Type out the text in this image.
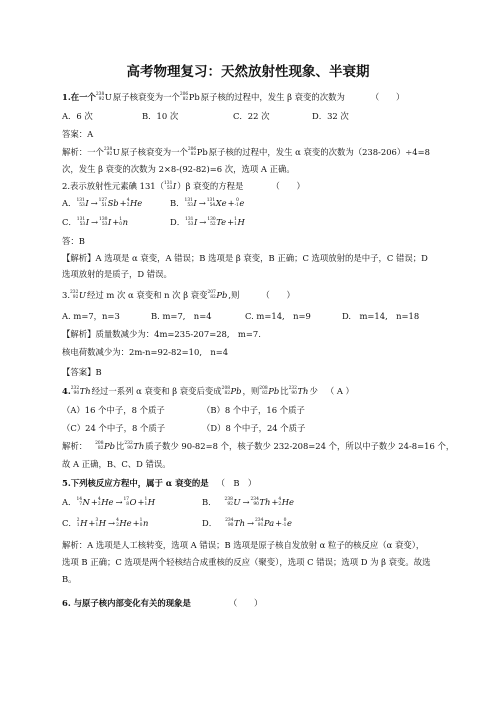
高考物理复习：天然放射性现象、半衰期
1.在一个 238
92 U原子核衰变为一个 206
82 Pb原子核的过程中，发生 β 衰变的次数为	（　　）
A．6 次	B．10 次	C．22 次	D．32 次
答案：A
解析：一个 238
92 U原子核衰变为一个 206
82 Pb原子核的过程中，发生 α 衰变的次数为（238-206）÷4=8
次，发生 β 衰变的次数为 2×8-(92-82)=6 次，选项 A 正确。
2.表示放射性元素碘 131（ 131
53 I）β 衰变的方程是	（　　）
A． 131
53 I → 127
51 Sb+ 4
2 He	B． 131
53 I → 131
54 Xe+ 0
-1 e
C． 131
53 I → 130
53 I+ 1
0 n	D． 131
53 I → 130
52 Te+ 1
1 H
答：B
【解析】A 选项是 α 衰变，A 错误；B 选项是 β 衰变，B 正确；C 选项放射的是中子，C 错误；D
选项放射的是质子，D 错误。
3. 232
92 U经过 m 次 α 衰变和 n 次 β 衰变 207
82 Pb,则	（　　）
A. m=7，n=3	B. m=7,　n=4	C. m=14,　n=9	D.　m=14,　n=18
【解析】质量数减少为：4m=235-207=28,　m=7.
核电荷数减少为：2m-n=92-82=10,　n=4
【答案】B
4. 232
90 Th经过一系列 α 衰变和 β 衰变后变成 208
82 Pb，则 208
82 Pb比 232
90 Th少 （ A ）
（A）16 个中子，8 个质子	（B）8 个中子，16 个质子
（C）24 个中子，8 个质子	（D）8 个中子，24 个质子
解析： 208
82 Pb比 232
90 Th质子数少 90-82=8 个，核子数少 232-208=24 个，所以中子数少 24-8=16 个，
故 A 正确，B、C、D 错误。
5.下列核反应方程中，属于 α 衰变的是 （　B　）
A． 14
7 N+ 4
2 He → 17
8 O+ 1
1 H	B． 238
92 U → 234
90 Th+ 4
2 He
C． 2
1 H+ 3
1 H → 4
2 He+ 1
0 n	D． 234
90 Th → 234
91 Pa+ 0
-1 e
解析：A 选项是人工核转变，选项 A 错误；B 选项是原子核自发放射 α 粒子的核反应（α 衰变），
选项 B 正确；C 选项是两个轻核结合成重核的反应（聚变），选项 C 错误；选项 D 为 β 衰变。故选
B。
6. 与原子核内部变化有关的现象是	（　　）
